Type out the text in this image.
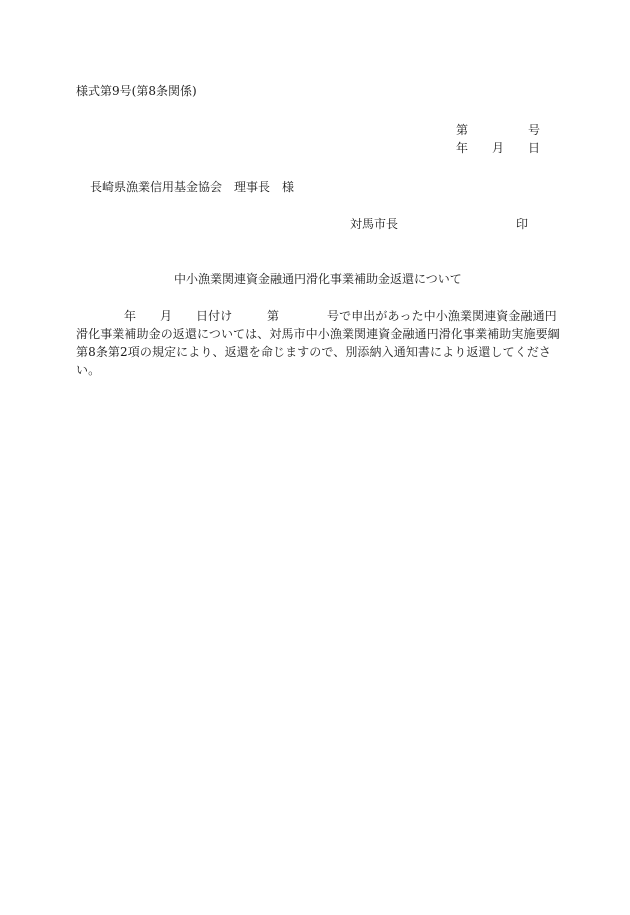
様式第9号(第8条関係)
第	号
年 月 日
長崎県漁業信用基金協会　理事長　様
対馬市長	印
中小漁業関連資金融通円滑化事業補助金返還について
年 月 日付け	第	号で申出があった中小漁業関連資金融通円
滑化事業補助金の返還については、対馬市中小漁業関連資金融通円滑化事業補助実施要綱
第8条第2項の規定により、返還を命じますので、別添納入通知書により返還してくださ
い。
